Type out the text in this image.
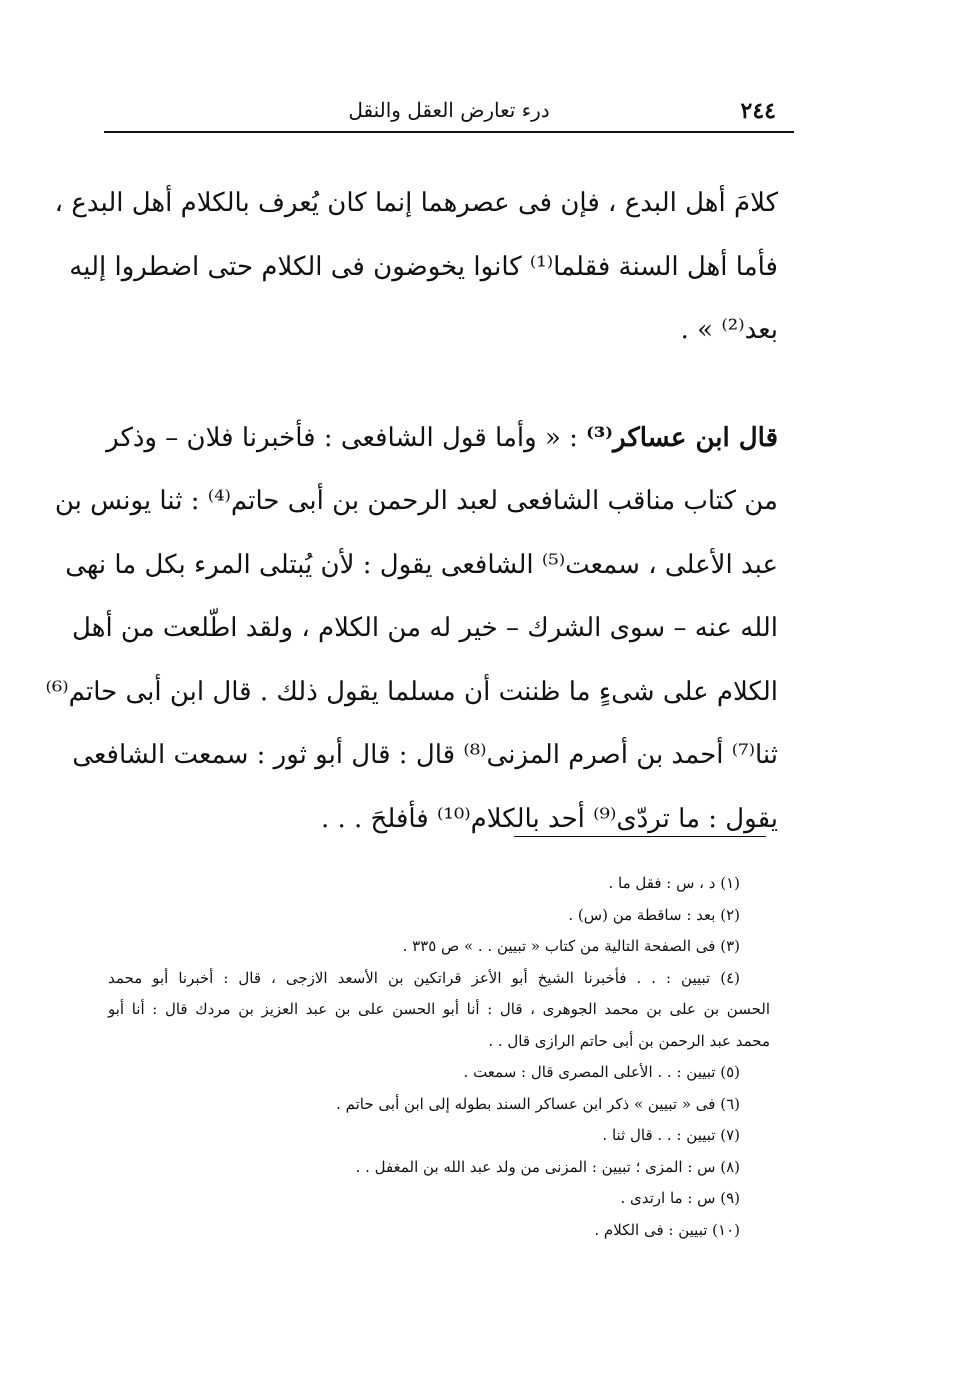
٢٤٤
درء تعارض العقل والنقل
كلامَ أهل البدع ، فإن فى عصرهما إنما كان يُعرف بالكلام أهل البدع ،
فأما أهل السنة فقلما⁽¹⁾ كانوا يخوضون فى الكلام حتى اضطروا إليه
بعد⁽²⁾ » .
قال ابن عساكر⁽³⁾ : « وأما قول الشافعى : فأخبرنا فلان – وذكر
من كتاب مناقب الشافعى لعبد الرحمن بن أبى حاتم⁽⁴⁾ : ثنا يونس بن
عبد الأعلى ، سمعت⁽⁵⁾ الشافعى يقول : لأن يُبتلى المرء بكل ما نهى
الله عنه – سوى الشرك – خير له من الكلام ، ولقد اطّلعت من أهل
الكلام على شىءٍ ما ظننت أن مسلما يقول ذلك . قال ابن أبى حاتم⁽⁶⁾
ثنا⁽⁷⁾ أحمد بن أصرم المزنى⁽⁸⁾ قال : قال أبو ثور : سمعت الشافعى
يقول : ما تردّى⁽⁹⁾ أحد بالكلام⁽¹⁰⁾ فأفلحَ . . .
(١) د ، س : فقل ما .
(٢) بعد : ساقطة من (س) .
(٣) فى الصفحة التالية من كتاب « تبيين . . » ص ٣٣٥ .
(٤) تبيين : . . فأخبرنا الشيخ أبو الأعز قراتكين بن الأسعد الازجى ، قال : أخبرنا أبو محمد
الحسن بن على بن محمد الجوهرى ، قال : أنا أبو الحسن على بن عبد العزيز بن مردك قال : أنا أبو
محمد عبد الرحمن بن أبى حاتم الرازى قال . .
(٥) تبيين : . . الأعلى المصرى قال : سمعت .
(٦) فى « تبيين » ذكر ابن عساكر السند بطوله إلى ابن أبى حاتم .
(٧) تبيين : . . قال ثنا .
(٨) س : المزى ؛ تبيين : المزنى من ولد عبد الله بن المغفل . .
(٩) س : ما ارتدى .
(١٠) تبيين : فى الكلام .
